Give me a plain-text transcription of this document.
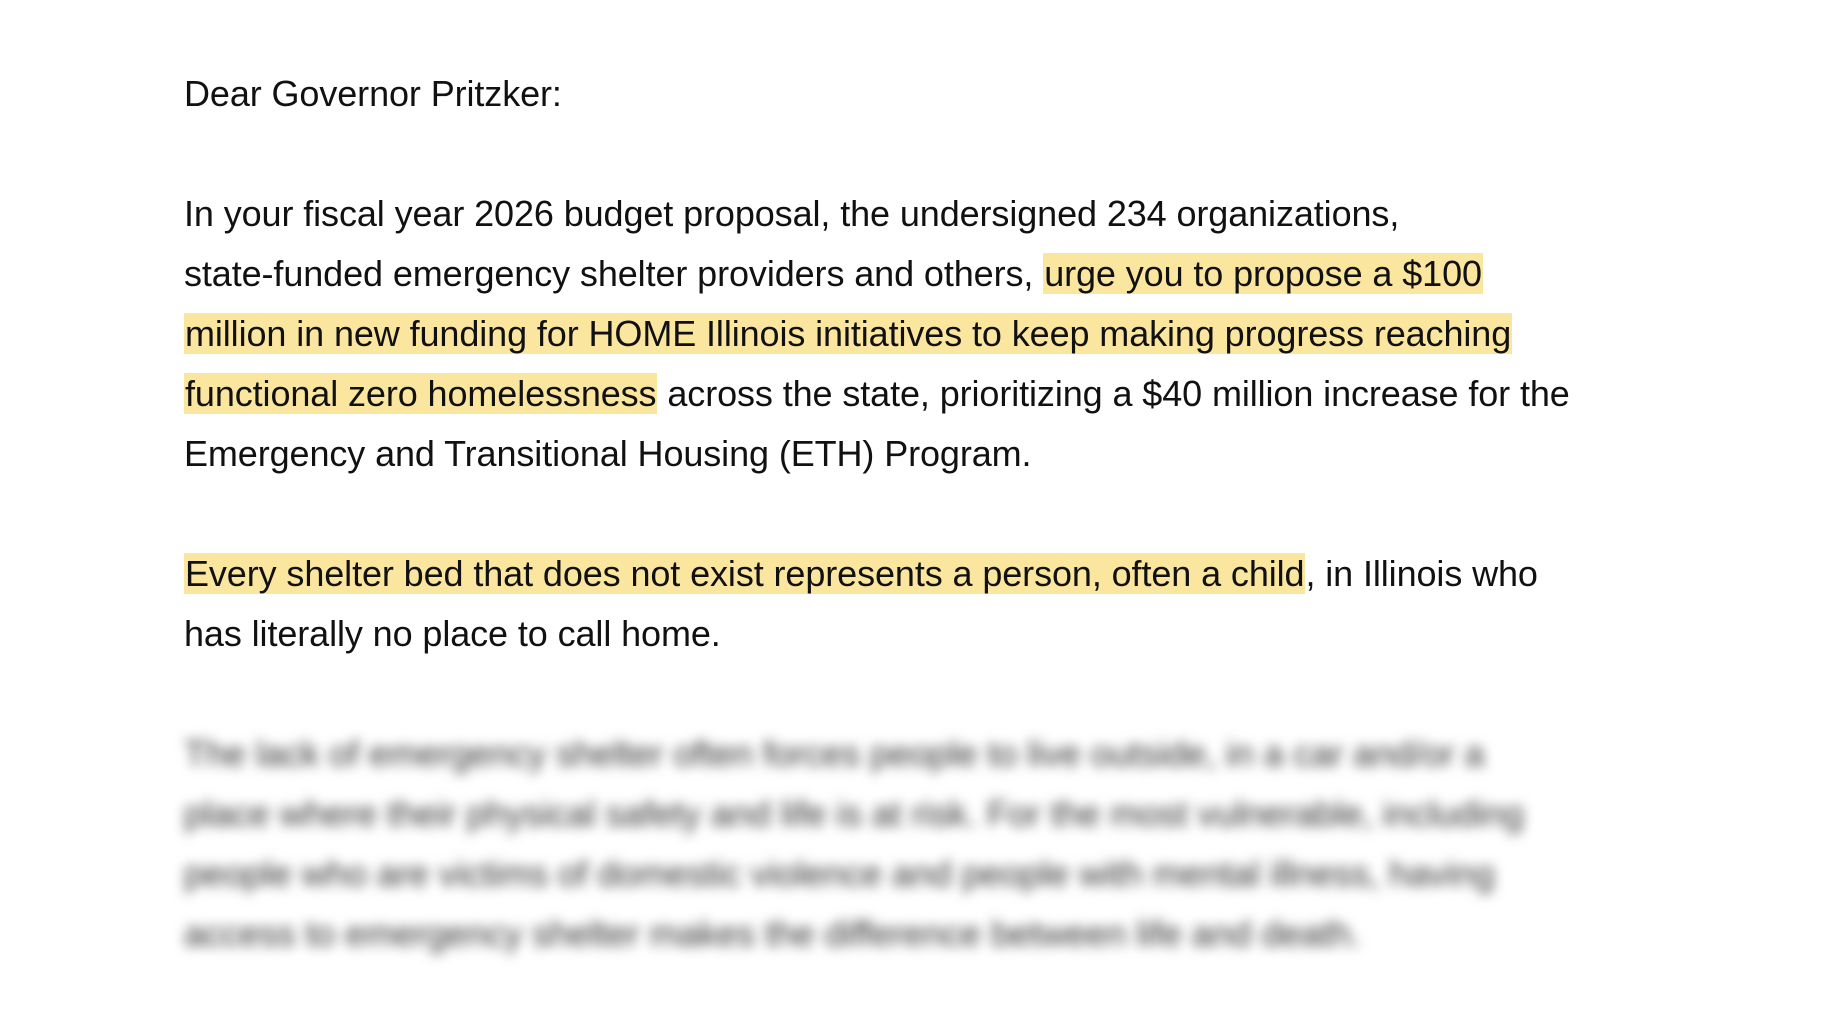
Dear Governor Pritzker:
In your fiscal year 2026 budget proposal, the undersigned 234 organizations,
state-funded emergency shelter providers and others, urge you to propose a $100
million in new funding for HOME Illinois initiatives to keep making progress reaching
functional zero homelessness across the state, prioritizing a $40 million increase for the
Emergency and Transitional Housing (ETH) Program.
Every shelter bed that does not exist represents a person, often a child, in Illinois who
has literally no place to call home.
The lack of emergency shelter often forces people to live outside, in a car and/or a
place where their physical safety and life is at risk. For the most vulnerable, including
people who are victims of domestic violence and people with mental illness, having
access to emergency shelter makes the difference between life and death.
